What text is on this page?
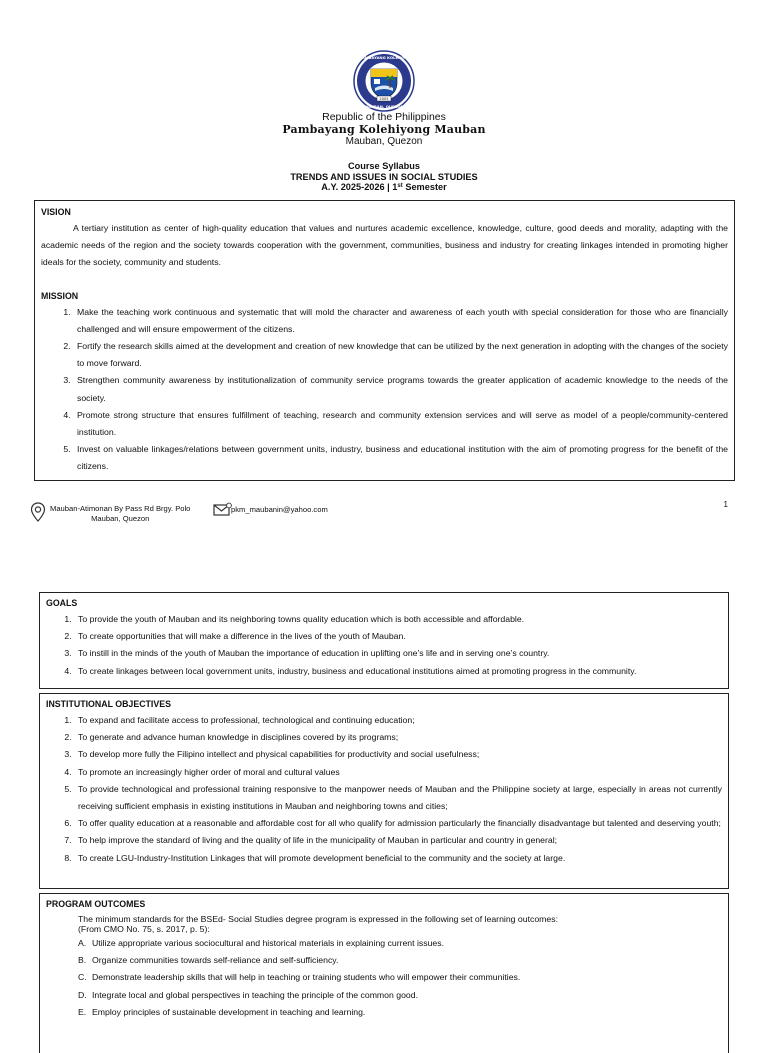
2005
PAMBAYANG KOLEHIYO
MAUBAN, QUEZON
Republic of the Philippines
Pambayang Kolehiyong Mauban
Mauban, Quezon
Course Syllabus
TRENDS AND ISSUES IN SOCIAL STUDIES
A.Y. 2025-2026 | 1st Semester
VISION
A tertiary institution as center of high-quality education that values and nurtures academic excellence, knowledge, culture, good deeds and morality, adapting with the academic needs of the region and the society towards cooperation with the government, communities, business and industry for creating linkages intended in promoting higher ideals for the society, community and students.
MISSION
1. Make the teaching work continuous and systematic that will mold the character and awareness of each youth with special consideration for those who are financially challenged and will ensure empowerment of the citizens.
2. Fortify the research skills aimed at the development and creation of new knowledge that can be utilized by the next generation in adopting with the changes of the society to move forward.
3. Strengthen community awareness by institutionalization of community service programs towards the greater application of academic knowledge to the needs of the society.
4. Promote strong structure that ensures fulfillment of teaching, research and community extension services and will serve as model of a people/community-centered institution.
5. Invest on valuable linkages/relations between government units, industry, business and educational institution with the aim of promoting progress for the benefit of the citizens.
Mauban-Atimonan By Pass Rd Brgy. Polo
Mauban, Quezon
pkm_maubanin@yahoo.com
1
GOALS
1. To provide the youth of Mauban and its neighboring towns quality education which is both accessible and affordable.
2. To create opportunities that will make a difference in the lives of the youth of Mauban.
3. To instill in the minds of the youth of Mauban the importance of education in uplifting one’s life and in serving one’s country.
4. To create linkages between local government units, industry, business and educational institutions aimed at promoting progress in the community.
INSTITUTIONAL OBJECTIVES
1. To expand and facilitate access to professional, technological and continuing education;
2. To generate and advance human knowledge in disciplines covered by its programs;
3. To develop more fully the Filipino intellect and physical capabilities for productivity and social usefulness;
4. To promote an increasingly higher order of moral and cultural values
5. To provide technological and professional training responsive to the manpower needs of Mauban and the Philippine society at large, especially in areas not currently receiving sufficient emphasis in existing institutions in Mauban and neighboring towns and cities;
6. To offer quality education at a reasonable and affordable cost for all who qualify for admission particularly the financially disadvantage but talented and deserving youth;
7. To help improve the standard of living and the quality of life in the municipality of Mauban in particular and country in general;
8. To create LGU-Industry-Institution Linkages that will promote development beneficial to the community and the society at large.
PROGRAM OUTCOMES
The minimum standards for the BSEd- Social Studies degree program is expressed in the following set of learning outcomes:
(From CMO No. 75, s. 2017, p. 5):
A. Utilize appropriate various sociocultural and historical materials in explaining current issues.
B. Organize communities towards self-reliance and self-sufficiency.
C. Demonstrate leadership skills that will help in teaching or training students who will empower their communities.
D. Integrate local and global perspectives in teaching the principle of the common good.
E. Employ principles of sustainable development in teaching and learning.
